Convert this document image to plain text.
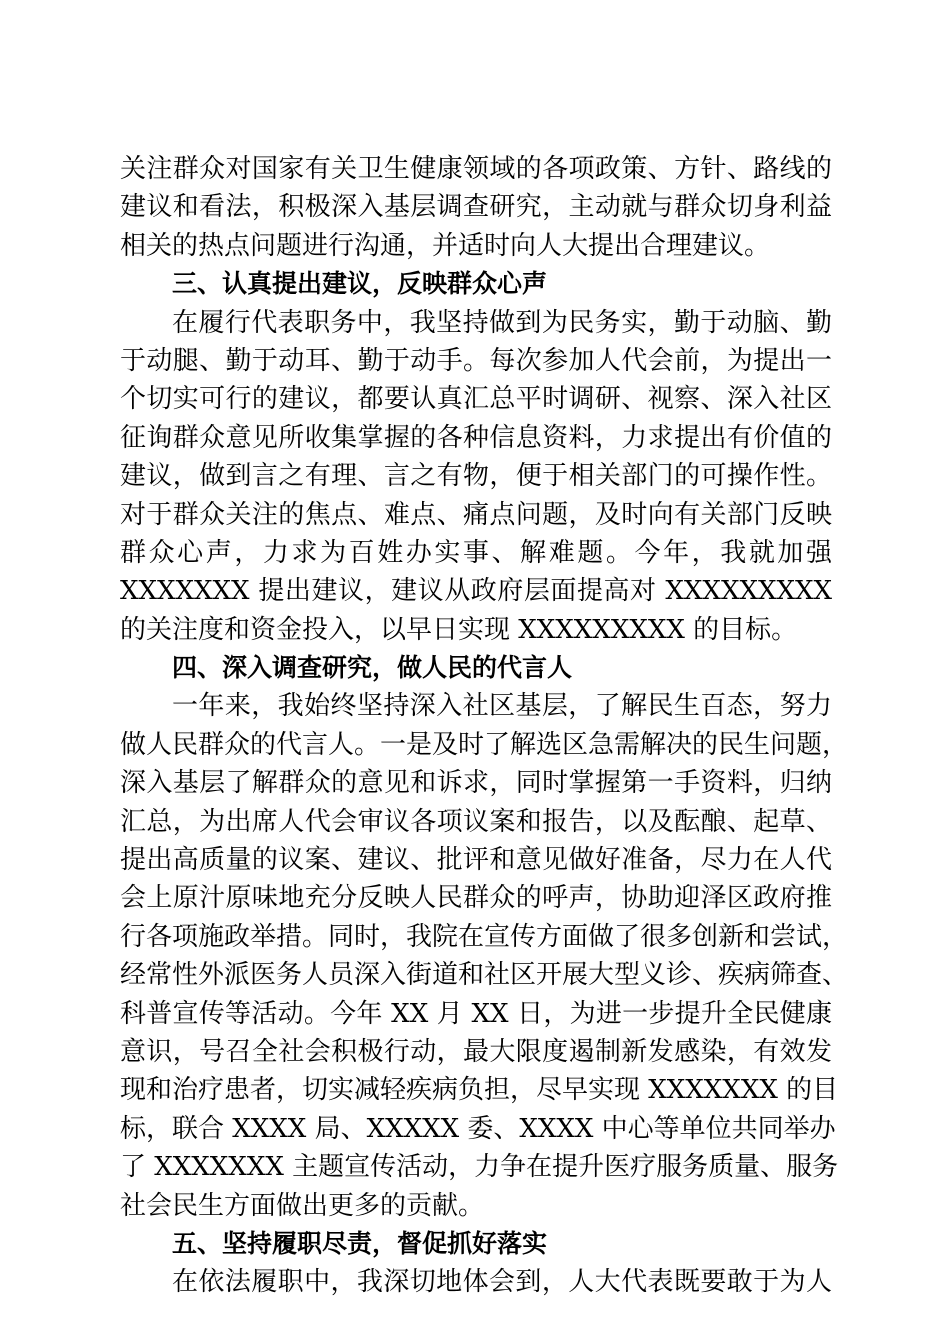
关注群众对国家有关卫生健康领域的各项政策、方针、路线的
建议和看法，积极深入基层调查研究，主动就与群众切身利益
相关的热点问题进行沟通，并适时向人大提出合理建议。
三、认真提出建议，反映群众心声
在履行代表职务中，我坚持做到为民务实，勤于动脑、勤
于动腿、勤于动耳、勤于动手。每次参加人代会前，为提出一
个切实可行的建议，都要认真汇总平时调研、视察、深入社区
征询群众意见所收集掌握的各种信息资料，力求提出有价值的
建议，做到言之有理、言之有物，便于相关部门的可操作性。
对于群众关注的焦点、难点、痛点问题，及时向有关部门反映
群众心声，力求为百姓办实事、解难题。今年，我就加强
XXXXXXX 提出建议，建议从政府层面提高对 XXXXXXXXX
的关注度和资金投入，以早日实现 XXXXXXXXX 的目标。
四、深入调查研究，做人民的代言人
一年来，我始终坚持深入社区基层，了解民生百态，努力
做人民群众的代言人。一是及时了解选区急需解决的民生问题，
深入基层了解群众的意见和诉求，同时掌握第一手资料，归纳
汇总，为出席人代会审议各项议案和报告，以及酝酿、起草、
提出高质量的议案、建议、批评和意见做好准备，尽力在人代
会上原汁原味地充分反映人民群众的呼声，协助迎泽区政府推
行各项施政举措。同时，我院在宣传方面做了很多创新和尝试，
经常性外派医务人员深入街道和社区开展大型义诊、疾病筛查、
科普宣传等活动。今年 XX 月 XX 日，为进一步提升全民健康
意识，号召全社会积极行动，最大限度遏制新发感染，有效发
现和治疗患者，切实减轻疾病负担，尽早实现 XXXXXXX 的目
标，联合 XXXX 局、XXXXX 委、XXXX 中心等单位共同举办
了 XXXXXXX 主题宣传活动，力争在提升医疗服务质量、服务
社会民生方面做出更多的贡献。
五、坚持履职尽责，督促抓好落实
在依法履职中，我深切地体会到，人大代表既要敢于为人
